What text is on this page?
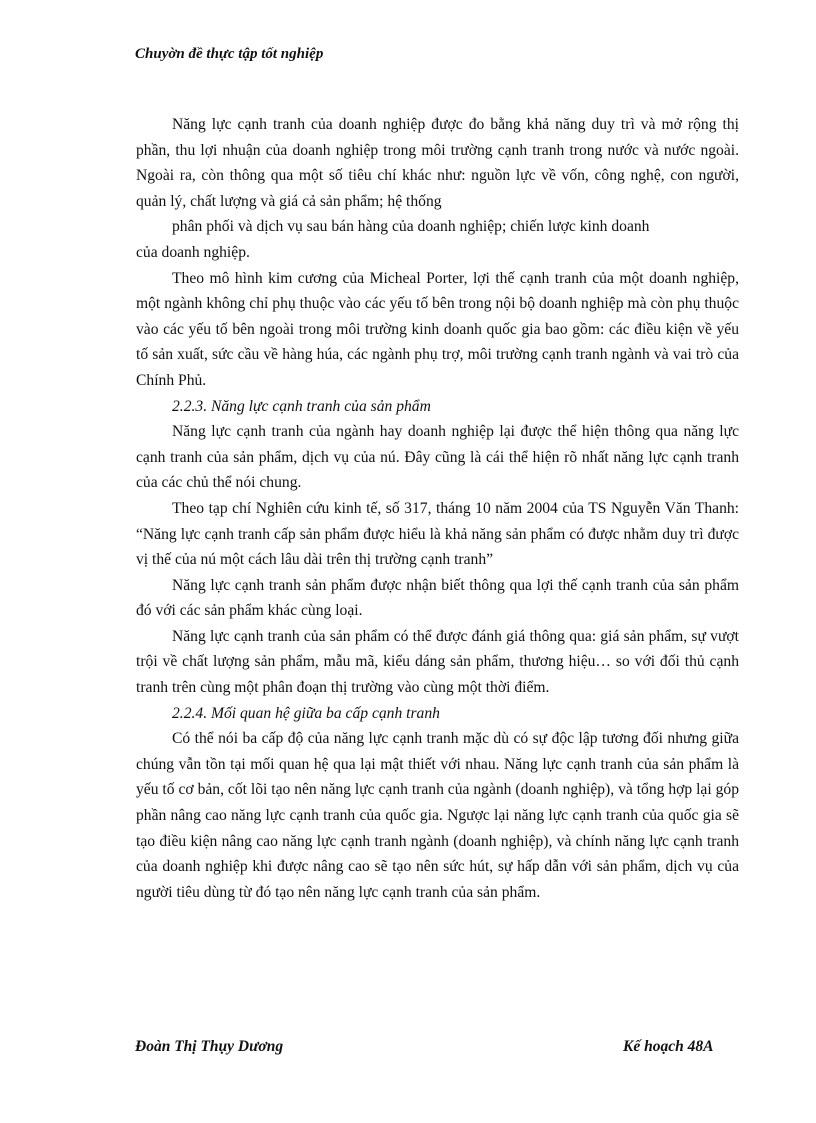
Chuyờn đề thực tập tốt nghiệp

Năng lực cạnh tranh của doanh nghiệp được đo bằng khả năng duy trì và mở rộng thị phần, thu lợi nhuận của doanh nghiệp trong môi trường cạnh tranh trong nước và nước ngoài. Ngoài ra, còn thông qua một số tiêu chí khác như: nguồn lực về vốn, công nghệ, con người, quản lý, chất lượng và giá cả sản phẩm; hệ thống

phân phối và dịch vụ sau bán hàng của doanh nghiệp; chiến lược kinh doanh

của doanh nghiệp.

Theo mô hình kim cương của Micheal Porter, lợi thế cạnh tranh của một doanh nghiệp, một ngành không chỉ phụ thuộc vào các yếu tố bên trong nội bộ doanh nghiệp mà còn phụ thuộc vào các yếu tố bên ngoài trong môi trường kinh doanh quốc gia bao gồm: các điều kiện về yếu tố sản xuất, sức cầu về hàng húa, các ngành phụ trợ, môi trường cạnh tranh ngành và vai trò của Chính Phủ.

2.2.3. Năng lực cạnh tranh của sản phẩm

Năng lực cạnh tranh của ngành hay doanh nghiệp lại được thể hiện thông qua năng lực cạnh tranh của sản phẩm, dịch vụ của nú. Đây cũng là cái thể hiện rõ nhất năng lực cạnh tranh của các chủ thể nói chung.

Theo tạp chí Nghiên cứu kinh tế, số 317, tháng 10 năm 2004 của TS Nguyễn Văn Thanh: “Năng lực cạnh tranh cấp sản phẩm được hiểu là khả năng sản phẩm có được nhằm duy trì được vị thế của nú một cách lâu dài trên thị trường cạnh tranh”

Năng lực cạnh tranh sản phẩm được nhận biết thông qua lợi thế cạnh tranh của sản phẩm đó với các sản phẩm khác cùng loại.

Năng lực cạnh tranh của sản phẩm có thể được đánh giá thông qua: giá sản phẩm, sự vượt trội về chất lượng sản phẩm, mẫu mã, kiểu dáng sản phẩm, thương hiệu… so với đối thủ cạnh tranh trên cùng một phân đoạn thị trường vào cùng một thời điểm.

2.2.4. Mối quan hệ giữa ba cấp cạnh tranh

Có thể nói ba cấp độ của năng lực cạnh tranh mặc dù có sự độc lập tương đối nhưng giữa chúng vẫn tồn tại mối quan hệ qua lại mật thiết với nhau. Năng lực cạnh tranh của sản phẩm là yếu tố cơ bản, cốt lõi tạo nên năng lực cạnh tranh của ngành (doanh nghiệp), và tổng hợp lại góp phần nâng cao năng lực cạnh tranh của quốc gia. Ngược lại năng lực cạnh tranh của quốc gia sẽ tạo điều kiện nâng cao năng lực cạnh tranh ngành (doanh nghiệp), và chính năng lực cạnh tranh của doanh nghiệp khi được nâng cao sẽ tạo nên sức hút, sự hấp dẫn với sản phẩm, dịch vụ của người tiêu dùng từ đó tạo nên năng lực cạnh tranh của sản phẩm.

Đoàn Thị Thụy Dương	Kế hoạch 48A
